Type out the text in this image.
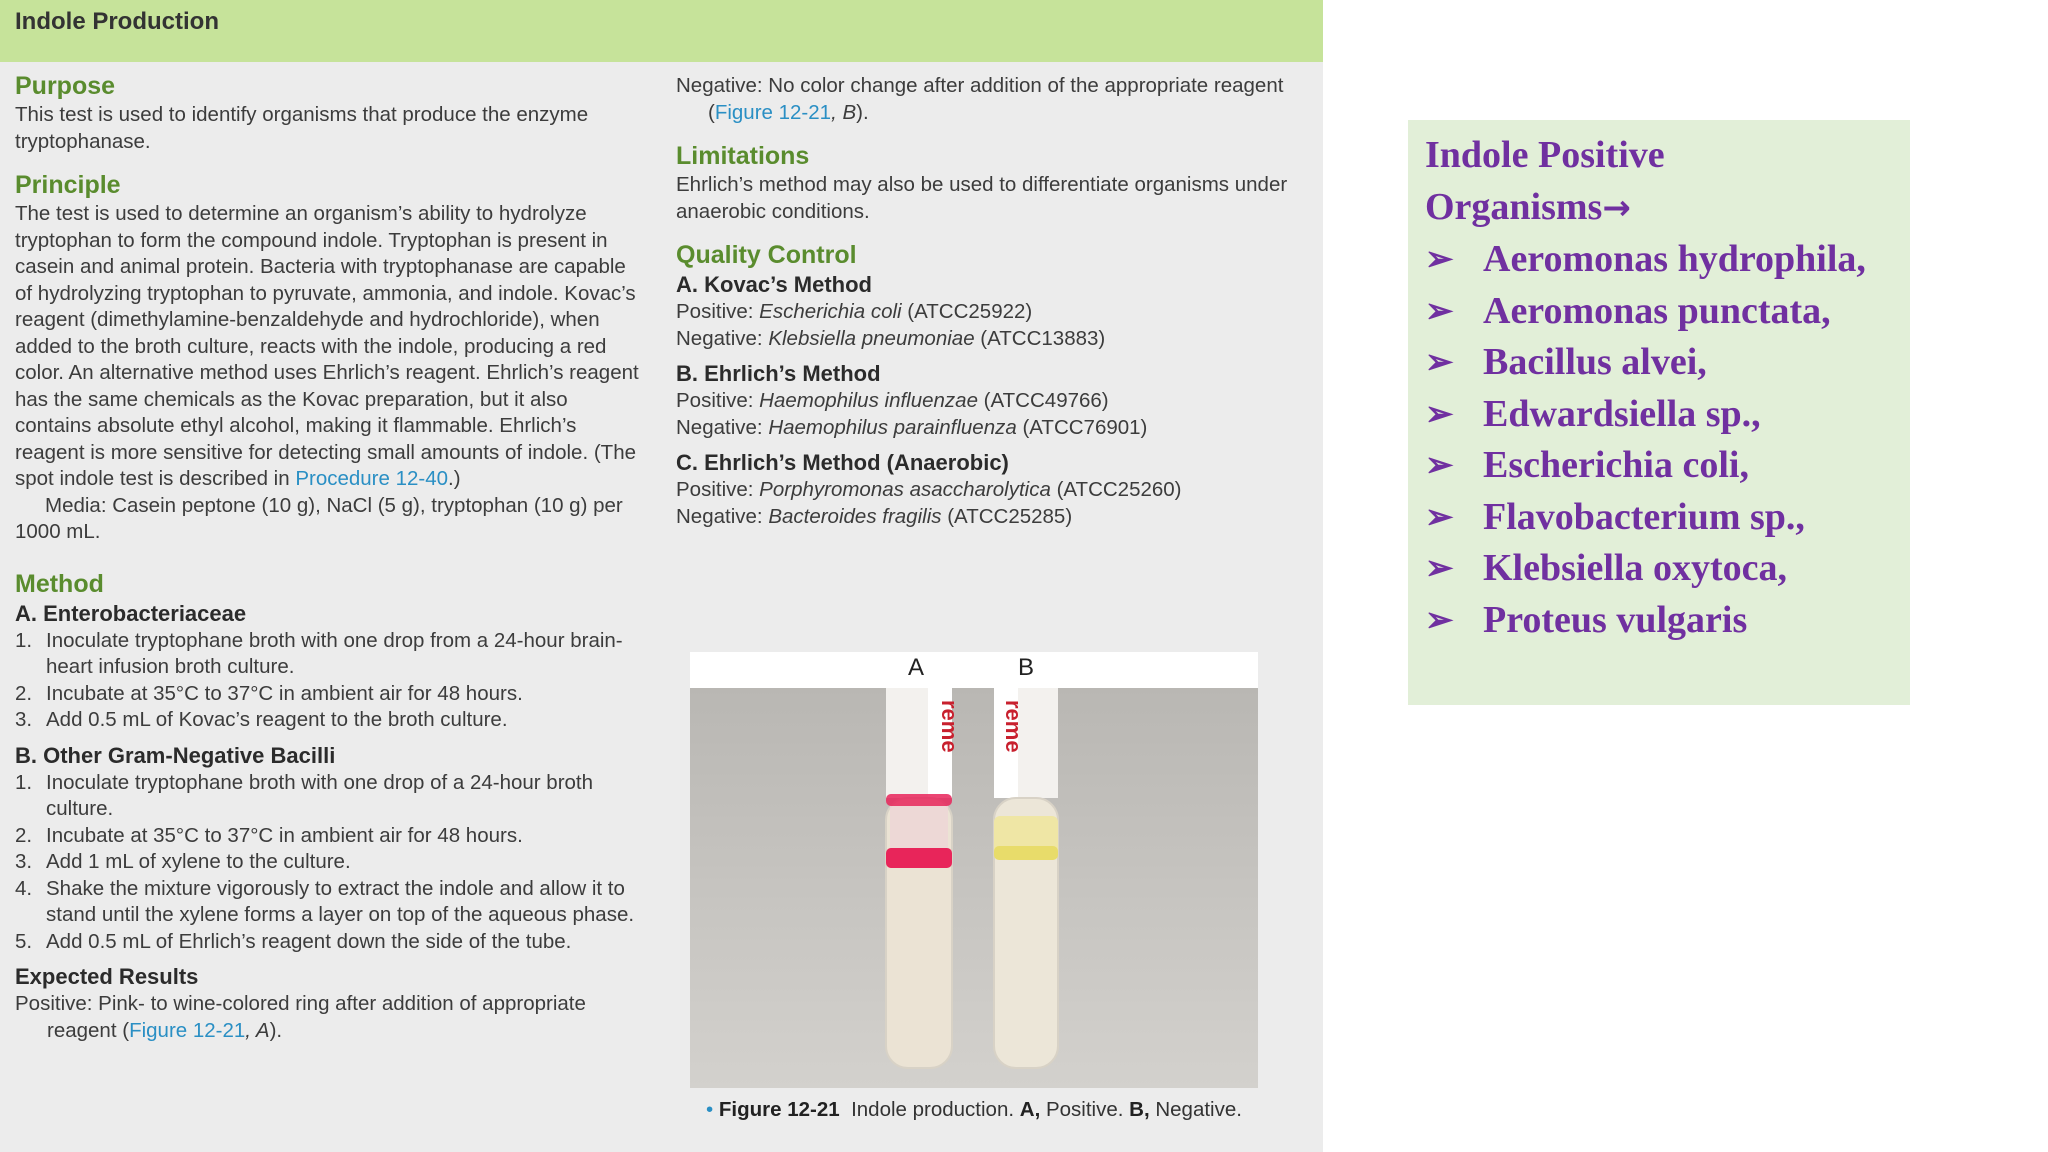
Indole Production
Purpose

This test is used to identify organisms that produce the enzyme tryptophanase.

Principle

The test is used to determine an organism’s ability to hydrolyze tryptophan to form the compound indole. Tryptophan is present in casein and animal protein. Bacteria with tryptophanase are capable of hydrolyzing tryptophan to pyruvate, ammonia, and indole. Kovac’s reagent (dimethylamine-benzaldehyde and hydrochloride), when added to the broth culture, reacts with the indole, producing a red color. An alternative method uses Ehrlich’s reagent. Ehrlich’s reagent has the same chemicals as the Kovac preparation, but it also contains absolute ethyl alcohol, making it flammable. Ehrlich’s reagent is more sensitive for detecting small amounts of indole. (The spot indole test is described in Procedure 12-40.)

Media: Casein peptone (10 g), NaCl (5 g), tryptophan (10 g) per 1000 mL.

Method
A. Enterobacteriaceae
1. Inoculate tryptophane broth with one drop from a 24-hour brain-heart infusion broth culture.
2. Incubate at 35°C to 37°C in ambient air for 48 hours.
3. Add 0.5 mL of Kovac’s reagent to the broth culture.
B. Other Gram-Negative Bacilli
1. Inoculate tryptophane broth with one drop of a 24-hour broth culture.
2. Incubate at 35°C to 37°C in ambient air for 48 hours.
3. Add 1 mL of xylene to the culture.
4. Shake the mixture vigorously to extract the indole and allow it to stand until the xylene forms a layer on top of the aqueous phase.
5. Add 0.5 mL of Ehrlich’s reagent down the side of the tube.
Expected Results

Positive: Pink- to wine-colored ring after addition of appropriate reagent (Figure 12-21, A).

Negative: No color change after addition of the appropriate reagent (Figure 12-21, B).

Limitations

Ehrlich’s method may also be used to differentiate organisms under anaerobic conditions.

Quality Control
A. Kovac’s Method

Positive: Escherichia coli (ATCC25922)

Negative: Klebsiella pneumoniae (ATCC13883)

B. Ehrlich’s Method

Positive: Haemophilus influenzae (ATCC49766)

Negative: Haemophilus parainfluenza (ATCC76901)

C. Ehrlich’s Method (Anaerobic)

Positive: Porphyromonas asaccharolytica (ATCC25260)

Negative: Bacteroides fragilis (ATCC25285)

A	B
reme reme
• Figure 12-21 Indole production. A, Positive. B, Negative.
Indole Positive
Organisms→
➢ Aeromonas hydrophila,
➢ Aeromonas punctata,
➢ Bacillus alvei,
➢ Edwardsiella sp.,
➢ Escherichia coli,
➢ Flavobacterium sp.,
➢ Klebsiella oxytoca,
➢ Proteus vulgaris
